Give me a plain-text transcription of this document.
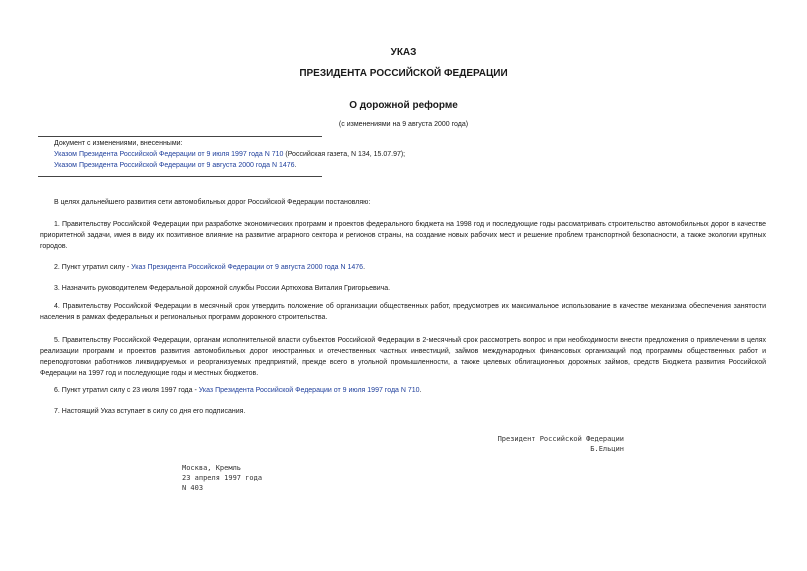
УКАЗ
ПРЕЗИДЕНТА РОССИЙСКОЙ ФЕДЕРАЦИИ
О дорожной реформе
(с изменениями на 9 августа 2000 года)
Документ с изменениями, внесенными:
Указом Президента Российской Федерации от 9 июля 1997 года N 710 (Российская газета, N 134, 15.07.97);
Указом Президента Российской Федерации от 9 августа 2000 года N 1476.

В целях дальнейшего развития сети автомобильных дорог Российской Федерации постановляю:

1. Правительству Российской Федерации при разработке экономических программ и проектов федерального бюджета на 1998 год и последующие годы рассматривать строительство автомобильных дорог в качестве приоритетной задачи, имея в виду их позитивное влияние на развитие аграрного сектора и регионов страны, на создание новых рабочих мест и решение проблем транспортной безопасности, а также экологии крупных городов.

2. Пункт утратил силу - Указ Президента Российской Федерации от 9 августа 2000 года N 1476.

3. Назначить руководителем Федеральной дорожной службы России Артюхова Виталия Григорьевича.

4. Правительству Российской Федерации в месячный срок утвердить положение об организации общественных работ, предусмотрев их максимальное использование в качестве механизма обеспечения занятости населения в рамках федеральных и региональных программ дорожного строительства.

5. Правительству Российской Федерации, органам исполнительной власти субъектов Российской Федерации в 2-месячный срок рассмотреть вопрос и при необходимости внести предложения о привлечении в целях реализации программ и проектов развития автомобильных дорог иностранных и отечественных частных инвестиций, займов международных финансовых организаций под программы общественных работ и переподготовки работников ликвидируемых и реорганизуемых предприятий, прежде всего в угольной промышленности, а также целевых облигационных дорожных займов, средств Бюджета развития Российской Федерации на 1997 год и последующие годы и местных бюджетов.

6. Пункт утратил силу с 23 июля 1997 года - Указ Президента Российской Федерации от 9 июля 1997 года N 710.

7. Настоящий Указ вступает в силу со дня его подписания.

Президент Российской Федерации
Б.Ельцин
Москва, Кремль
23 апреля 1997 года
N 403
